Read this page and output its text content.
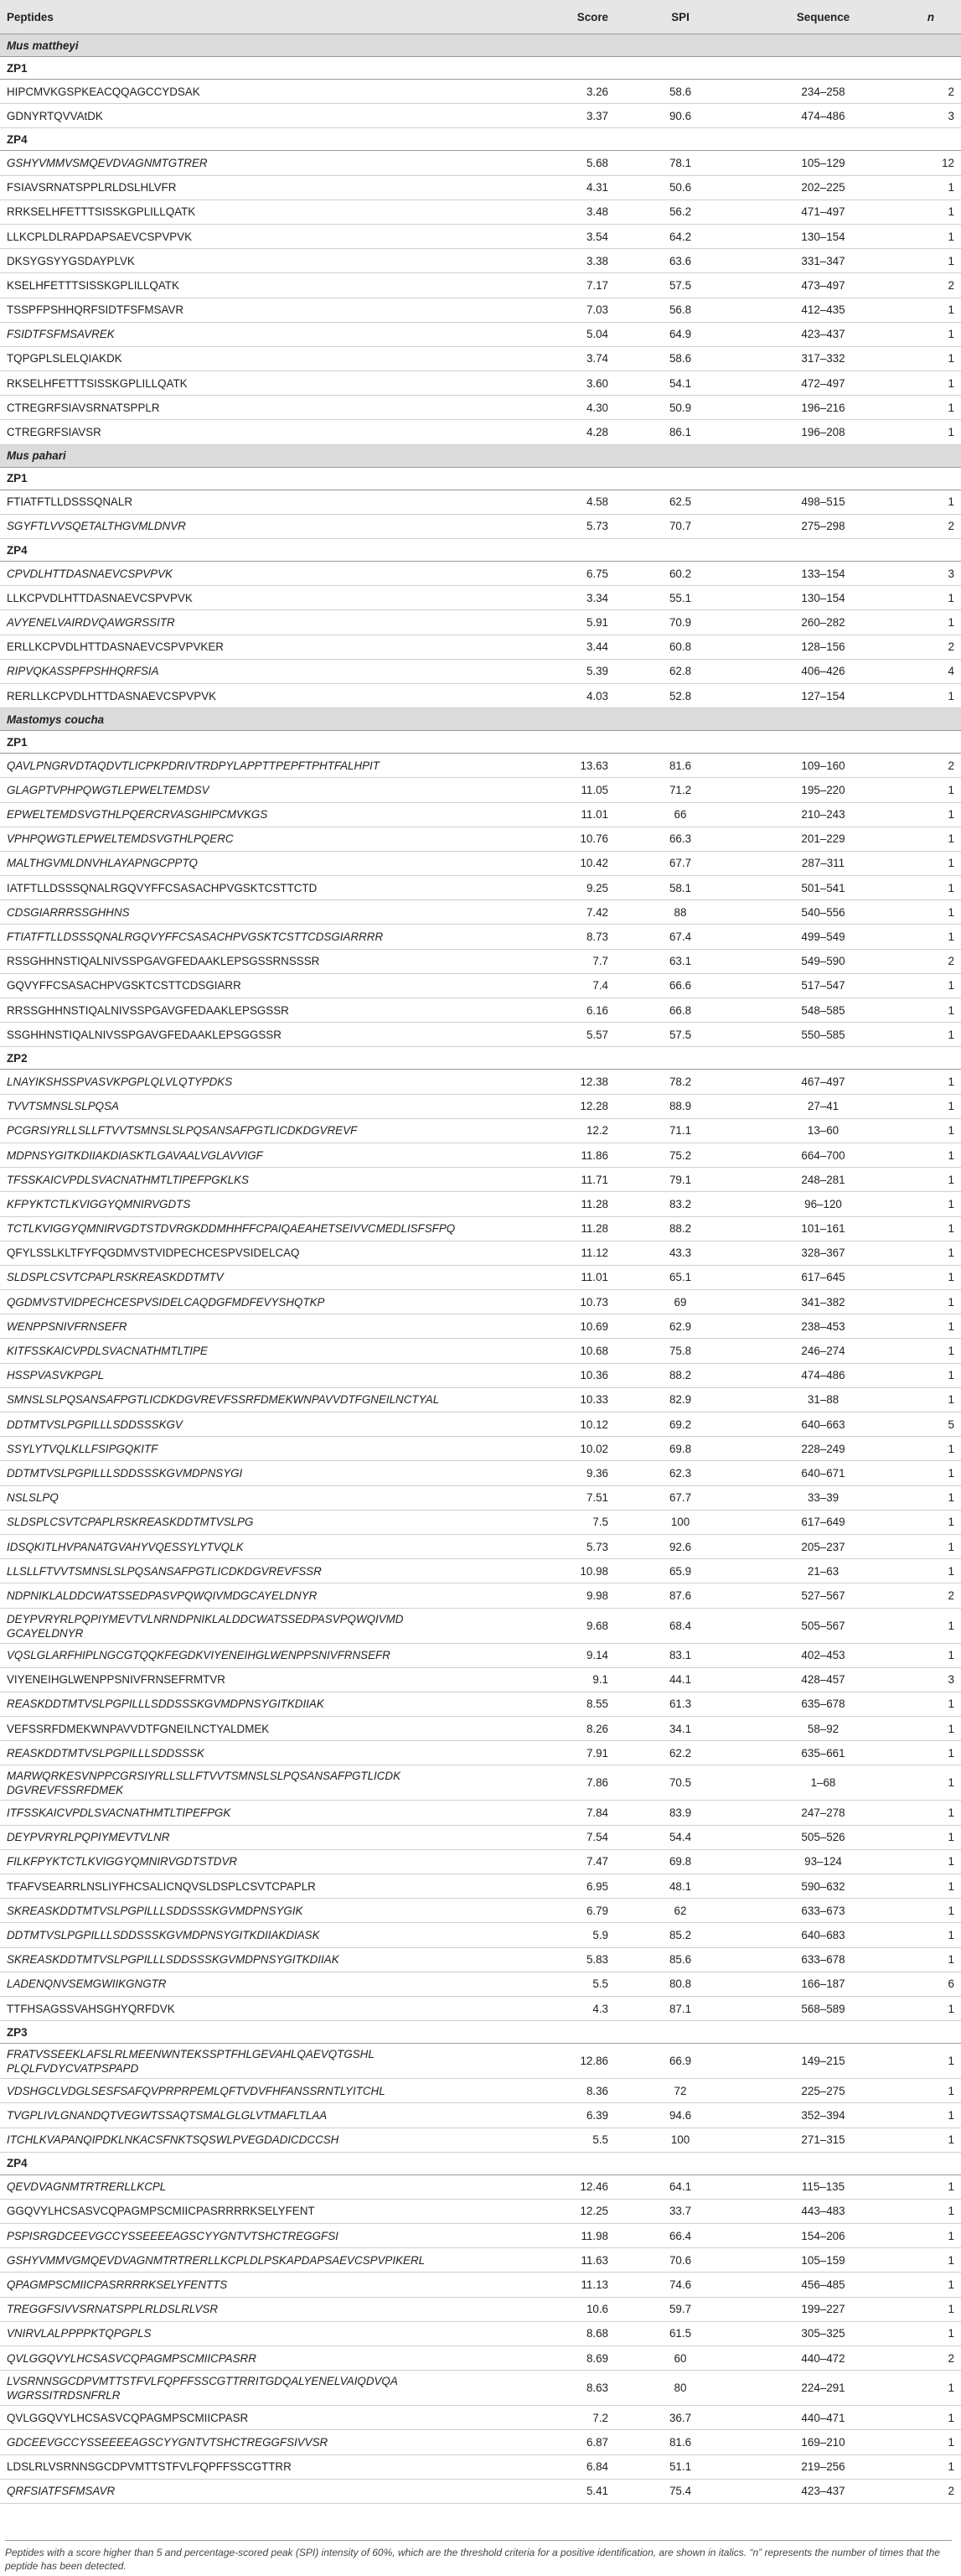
Peptides	Score	SPI	Sequence	n
Mus mattheyi				
ZP1				
HIPCMVKGSPKEACQQAGCCYDSAK	3.26	58.6	234–258	2
GDNYRTQVVAtDK	3.37	90.6	474–486	3
ZP4				
GSHYVMMVSMQEVDVAGNMTGTRER	5.68	78.1	105–129	12
FSIAVSRNATSPPLRLDSLHLVFR	4.31	50.6	202–225	1
RRKSELHFETTTSISSKGPLILLQATK	3.48	56.2	471–497	1
LLKCPLDLRAPDAPSAEVCSPVPVK	3.54	64.2	130–154	1
DKSYGSYYGSDAYPLVK	3.38	63.6	331–347	1
KSELHFETTTSISSKGPLILLQATK	7.17	57.5	473–497	2
TSSPFPSHHQRFSIDTFSFMSAVR	7.03	56.8	412–435	1
FSIDTFSFMSAVREK	5.04	64.9	423–437	1
TQPGPLSLELQIAKDK	3.74	58.6	317–332	1
RKSELHFETTTSISSKGPLILLQATK	3.60	54.1	472–497	1
CTREGRFSIAVSRNATSPPLR	4.30	50.9	196–216	1
CTREGRFSIAVSR	4.28	86.1	196–208	1
Mus pahari				
ZP1				
FTIATFTLLDSSSQNALR	4.58	62.5	498–515	1
SGYFTLVVSQETALTHGVMLDNVR	5.73	70.7	275–298	2
ZP4				
CPVDLHTTDASNAEVCSPVPVK	6.75	60.2	133–154	3
LLKCPVDLHTTDASNAEVCSPVPVK	3.34	55.1	130–154	1
AVYENELVAIRDVQAWGRSSITR	5.91	70.9	260–282	1
ERLLKCPVDLHTTDASNAEVCSPVPVKER	3.44	60.8	128–156	2
RIPVQKASSPFPSHHQRFSIA	5.39	62.8	406–426	4
RERLLKCPVDLHTTDASNAEVCSPVPVK	4.03	52.8	127–154	1
Mastomys coucha				
ZP1				
QAVLPNGRVDTAQDVTLICPKPDRIVTRDPYLAPPTTPEPFTPHTFALHPIT	13.63	81.6	109–160	2
GLAGPTVPHPQWGTLEPWELTEMDSV	11.05	71.2	195–220	1
EPWELTEMDSVGTHLPQERCRVASGHIPCMVKGS	11.01	66	210–243	1
VPHPQWGTLEPWELTEMDSVGTHLPQERC	10.76	66.3	201–229	1
MALTHGVMLDNVHLAYAPNGCPPTQ	10.42	67.7	287–311	1
IATFTLLDSSSQNALRGQVYFFCSASACHPVGSKTCSTTCTD	9.25	58.1	501–541	1
CDSGIARRRSSGHHNS	7.42	88	540–556	1
FTIATFTLLDSSSQNALRGQVYFFCSASACHPVGSKTCSTTCDSGIARRRR	8.73	67.4	499–549	1
RSSGHHNSTIQALNIVSSPGAVGFEDAAKLEPSGSSRNSSSR	7.7	63.1	549–590	2
GQVYFFCSASACHPVGSKTCSTTCDSGIARR	7.4	66.6	517–547	1
RRSSGHHNSTIQALNIVSSPGAVGFEDAAKLEPSGSSR	6.16	66.8	548–585	1
SSGHHNSTIQALNIVSSPGAVGFEDAAKLEPSGGSSR	5.57	57.5	550–585	1
ZP2				
LNAYIKSHSSPVASVKPGPLQLVLQTYPDKS	12.38	78.2	467–497	1
TVVTSMNSLSLPQSA	12.28	88.9	27–41	1
PCGRSIYRLLSLLFTVVTSMNSLSLPQSANSAFPGTLICDKDGVREVF	12.2	71.1	13–60	1
MDPNSYGITKDIIAKDIASKTLGAVAALVGLAVVIGF	11.86	75.2	664–700	1
TFSSKAICVPDLSVACNATHMTLTIPEFPGKLKS	11.71	79.1	248–281	1
KFPYKTCTLKVIGGYQMNIRVGDTS	11.28	83.2	96–120	1
TCTLKVIGGYQMNIRVGDTSTDVRGKDDMHHFFCPAIQAEAHETSEIVVCMEDLISFSFPQ	11.28	88.2	101–161	1
QFYLSSLKLTFYFQGDMVSTVIDPECHCESPVSIDELCAQ	11.12	43.3	328–367	1
SLDSPLCSVTCPAPLRSKREASKDDTMTV	11.01	65.1	617–645	1
QGDMVSTVIDPECHCESPVSIDELCAQDGFMDFEVYSHQTKP	10.73	69	341–382	1
WENPPSNIVFRNSEFR	10.69	62.9	238–453	1
KITFSSKAICVPDLSVACNATHMTLTIPE	10.68	75.8	246–274	1
HSSPVASVKPGPL	10.36	88.2	474–486	1
SMNSLSLPQSANSAFPGTLICDKDGVREVFSSRFDMEKWNPAVVDTFGNEILNCTYAL	10.33	82.9	31–88	1
DDTMTVSLPGPILLLSDDSSSKGV	10.12	69.2	640–663	5
SSYLYTVQLKLLFSIPGQKITF	10.02	69.8	228–249	1
DDTMTVSLPGPILLLSDDSSSKGVMDPNSYGI	9.36	62.3	640–671	1
NSLSLPQ	7.51	67.7	33–39	1
SLDSPLCSVTCPAPLRSKREASKDDTMTVSLPG	7.5	100	617–649	1
IDSQKITLHVPANATGVAHYVQESSYLYTVQLK	5.73	92.6	205–237	1
LLSLLFTVVTSMNSLSLPQSANSAFPGTLICDKDGVREVFSSR	10.98	65.9	21–63	1
NDPNIKLALDDCWATSSEDPASVPQWQIVMDGCAYELDNYR	9.98	87.6	527–567	2
DEYPVRYRLPQPIYMEVTVLNRNDPNIKLALDDCWATSSEDPASVPQWQIVMD GCAYELDNYR	9.68	68.4	505–567	1
VQSLGLARFHIPLNGCGTQQKFEGDKVIYENEIHGLWENPPSNIVFRNSEFR	9.14	83.1	402–453	1
VIYENEIHGLWENPPSNIVFRNSEFRMTVR	9.1	44.1	428–457	3
REASKDDTMTVSLPGPILLLSDDSSSKGVMDPNSYGITKDIIAK	8.55	61.3	635–678	1
VEFSSRFDMEKWNPAVVDTFGNEILNCTYALDMEK	8.26	34.1	58–92	1
REASKDDTMTVSLPGPILLLSDDSSSK	7.91	62.2	635–661	1
MARWQRKESVNPPCGRSIYRLLSLLFTVVTSMNSLSLPQSANSAFPGTLICDK DGVREVFSSRFDMEK	7.86	70.5	1–68	1
ITFSSKAICVPDLSVACNATHMTLTIPEFPGK	7.84	83.9	247–278	1
DEYPVRYRLPQPIYMEVTVLNR	7.54	54.4	505–526	1
FILKFPYKTCTLKVIGGYQMNIRVGDTSTDVR	7.47	69.8	93–124	1
TFAFVSEARRLNSLIYFHCSALICNQVSLDSPLCSVTCPAPLR	6.95	48.1	590–632	1
SKREASKDDTMTVSLPGPILLLSDDSSSKGVMDPNSYGIK	6.79	62	633–673	1
DDTMTVSLPGPILLLSDDSSSKGVMDPNSYGITKDIIAKDIASK	5.9	85.2	640–683	1
SKREASKDDTMTVSLPGPILLLSDDSSSKGVMDPNSYGITKDIIAK	5.83	85.6	633–678	1
LADENQNVSEMGWIIKGNGTR	5.5	80.8	166–187	6
TTFHSAGSSVAHSGHYQRFDVK	4.3	87.1	568–589	1
ZP3				
FRATVSSEEKLAFSLRLMEENWNTEKSSPTFHLGEVAHLQAEVQTGSHL PLQLFVDYCVATPSPAPD	12.86	66.9	149–215	1
VDSHGCLVDGLSESFSAFQVPRPRPEMLQFTVDVFHFANSSRNTLYITCHL	8.36	72	225–275	1
TVGPLIVLGNANDQTVEGWTSSAQTSMALGLGLVTMAFLTLAA	6.39	94.6	352–394	1
ITCHLKVAPANQIPDKLNKACSFNKTSQSWLPVEGDADICDCCSH	5.5	100	271–315	1
ZP4				
QEVDVAGNMTRTRERLLKCPL	12.46	64.1	115–135	1
GGQVYLHCSASVCQPAGMPSCMIICPASRRRRKSELYFENT	12.25	33.7	443–483	1
PSPISRGDCEEVGCCYSSEEEEAGSCYYGNTVTSHCTREGGFSI	11.98	66.4	154–206	1
GSHYVMMVGMQEVDVAGNMTRTRERLLKCPLDLPSKAPDAPSAEVCSPVPIKERL	11.63	70.6	105–159	1
QPAGMPSCMIICPASRRRRKSELYFENTTS	11.13	74.6	456–485	1
TREGGFSIVVSRNATSPPLRLDSLRLVSR	10.6	59.7	199–227	1
VNIRVLALPPPPKTQPGPLS	8.68	61.5	305–325	1
QVLGGQVYLHCSASVCQPAGMPSCMIICPASRR	8.69	60	440–472	2
LVSRNNSGCDPVMTTSTFVLFQPFFSSCGTTRRITGDQALYENELVAIQDVQA WGRSSITRDSNFRLR	8.63	80	224–291	1
QVLGGQVYLHCSASVCQPAGMPSCMIICPASR	7.2	36.7	440–471	1
GDCEEVGCCYSSEEEEAGSCYYGNTVTSHCTREGGFSIVVSR	6.87	81.6	169–210	1
LDSLRLVSRNNSGCDPVMTTSTFVLFQPFFSSCGTTRR	6.84	51.1	219–256	1
QRFSIATFSFMSAVR	5.41	75.4	423–437	2
Peptides with a score higher than 5 and percentage-scored peak (SPI) intensity of 60%, which are the threshold criteria for a positive identification, are shown in italics. “n” represents the number of times that the peptide has been detected.
